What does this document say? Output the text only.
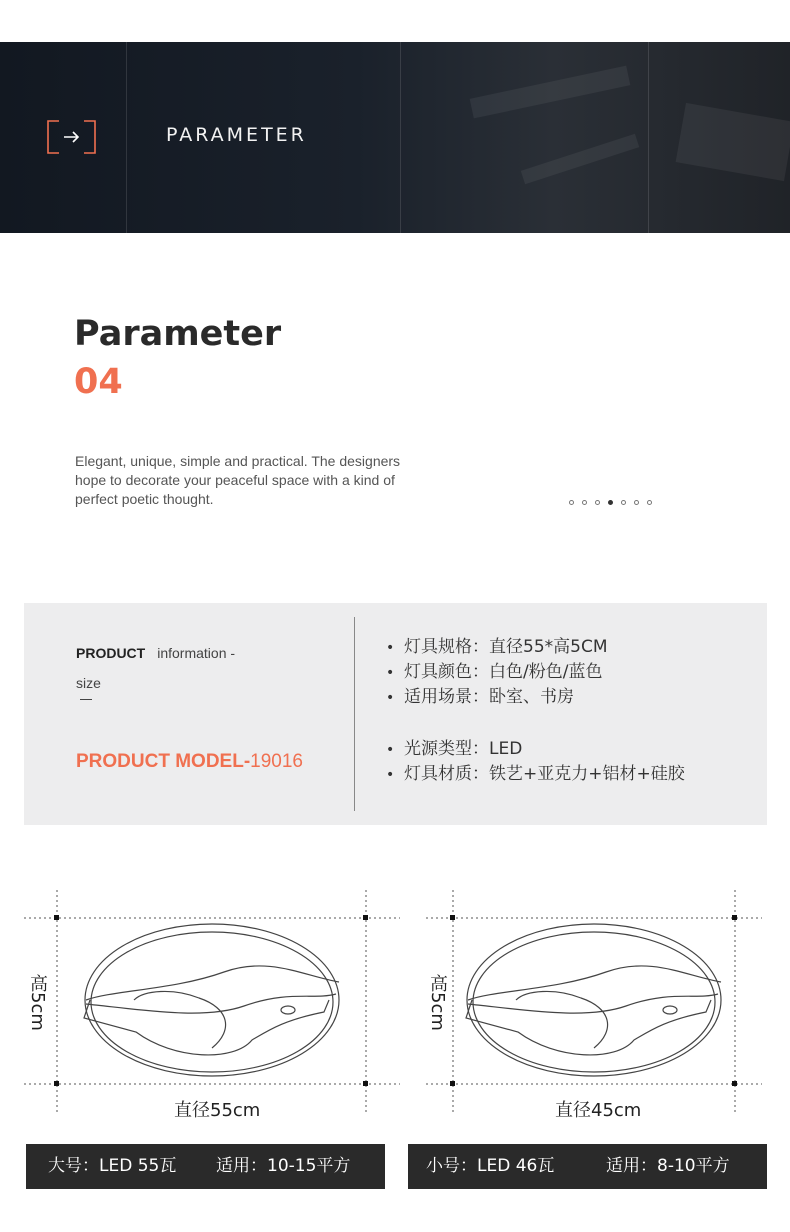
PARAMETER
Parameter
04
Elegant, unique, simple and practical. The designers hope to decorate your peaceful space with a kind of perfect poetic thought.
PRODUCT information -
size
PRODUCT MODEL-19016
• 灯具规格：直径55*高5CM
• 灯具颜色：白色/粉色/蓝色
• 适用场景：卧室、书房
• 光源类型：LED
• 灯具材质：铁艺+亚克力+铝材+硅胶
高5cm
直径55cm
高5cm
直径45cm
大号：LED 55瓦 适用：10-15平方	小号：LED 46瓦	适用：8-10平方
